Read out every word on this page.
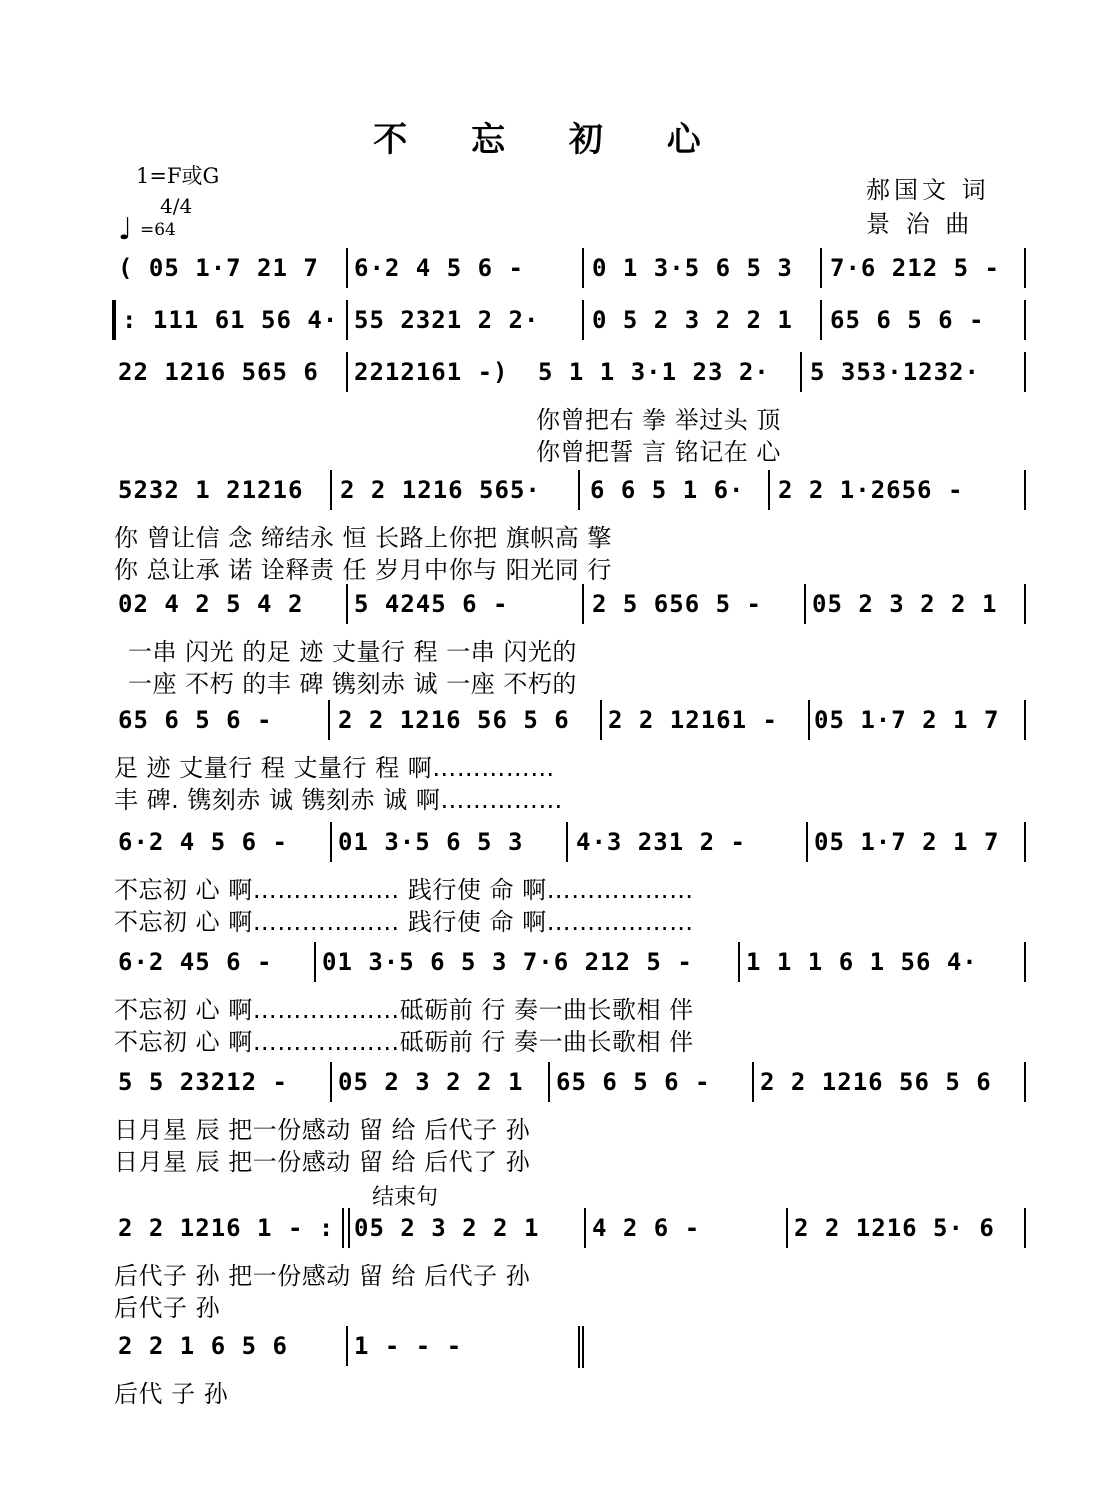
不 忘 初 心
1=F或G
4/4
♩ =64
郝国文 词
景 治 曲
结束句
( 05 1·7 21 7	6·2 4 5 6 -	0 1 3·5 6 5 3	7·6 212 5 -
: 111 61 56 4· 55 2321 2 2·	0 5 2 3 2 2 1	65 6 5 6 -
22 1216 565 6	2212161 -)	5 1 1 3·1 23 2·	5 353·1232·
你曾把右 拳 举过头 顶
你曾把誓 言 铭记在 心
5232 1 21216	2 2 1216 565·	6 6 5 1 6·	2 2 1·2656 -
你 曾让信 念 缔结永 恒 长路上你把 旗帜高 擎
你 总让承 诺 诠释责 任 岁月中你与 阳光同 行
02 4 2 5 4 2	5 4245 6 -	2 5 656 5 -	05 2 3 2 2 1
一串 闪光 的足 迹 丈量行 程 一串 闪光的
一座 不朽 的丰 碑 镌刻赤 诚 一座 不朽的
65 6 5 6 -	2 2 1216 56 5 6	2 2 12161 -	05 1·7 2 1 7
足 迹 丈量行 程 丈量行 程 啊……………
丰 碑. 镌刻赤 诚 镌刻赤 诚 啊……………
6·2 4 5 6 -	01 3·5 6 5 3	4·3 231 2 -	05 1·7 2 1 7
不忘初 心 啊……………… 践行使 命 啊………………
不忘初 心 啊……………… 践行使 命 啊………………
6·2 45 6 -	01 3·5 6 5 3 7·6 212 5 -	1 1 1 6 1 56 4·
不忘初 心 啊………………砥砺前 行 奏一曲长歌相 伴
不忘初 心 啊………………砥砺前 行 奏一曲长歌相 伴
5 5 23212 -	05 2 3 2 2 1	65 6 5 6 -	2 2 1216 56 5 6
日月星 辰 把一份感动 留 给 后代子 孙
日月星 辰 把一份感动 留 给 后代了 孙
2 2 1216 1 - : 05 2 3 2 2 1	4 2 6 -	2 2 1216 5· 6
后代子 孙 把一份感动 留 给 后代子 孙
后代子 孙
2 2 1 6 5 6	1 - - -
后代 子 孙
